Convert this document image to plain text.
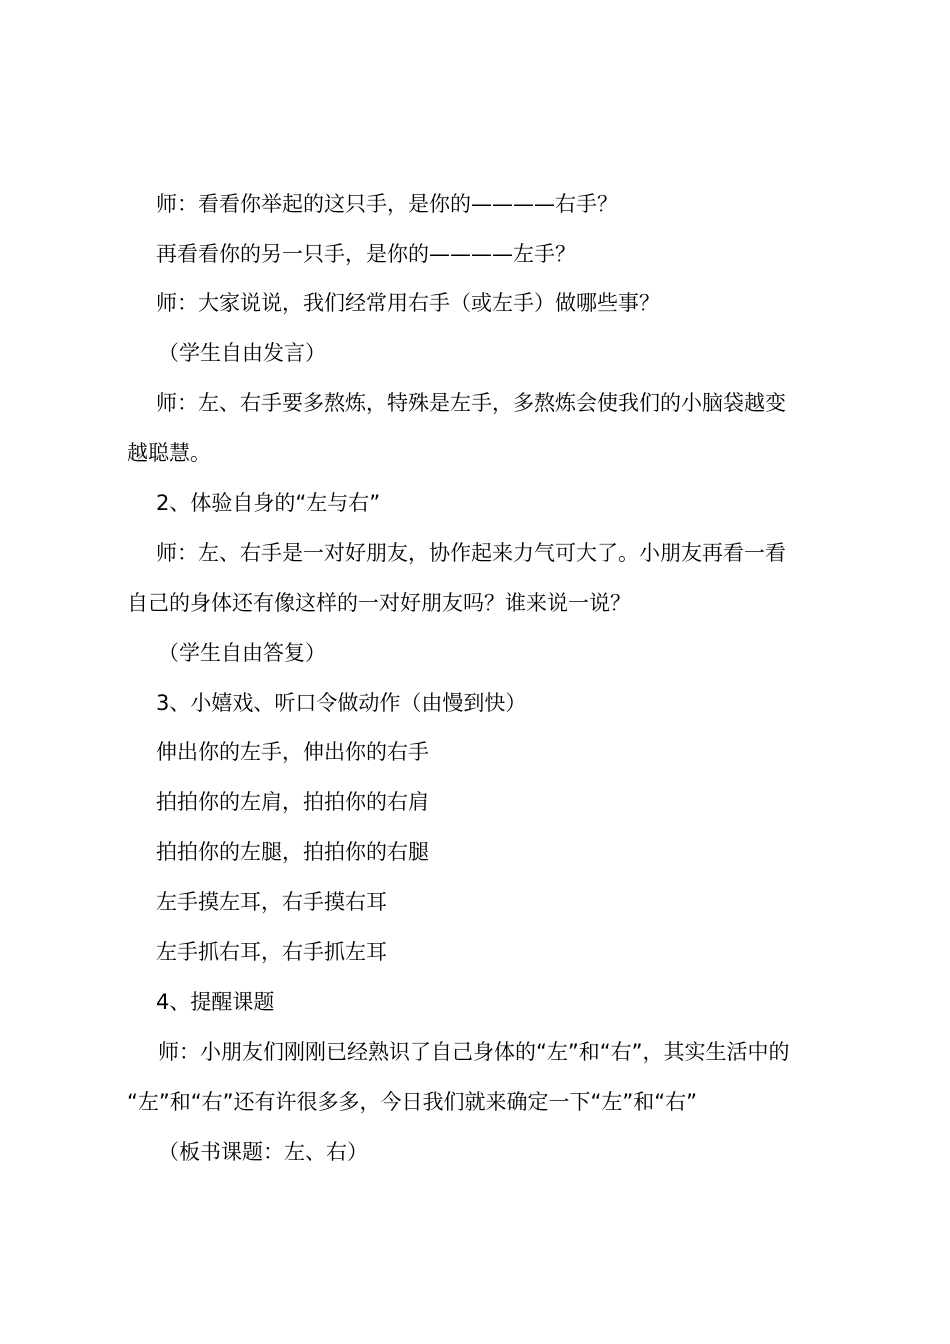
师：看看你举起的这只手，是你的————右手？
再看看你的另一只手，是你的————左手？
师：大家说说，我们经常用右手（或左手）做哪些事？
（学生自由发言）
师：左、右手要多熬炼，特殊是左手，多熬炼会使我们的小脑袋越变
越聪慧。
2、体验自身的“左与右”
师：左、右手是一对好朋友，协作起来力气可大了。小朋友再看一看
自己的身体还有像这样的一对好朋友吗？谁来说一说？
（学生自由答复）
3、小嬉戏、听口令做动作（由慢到快）
伸出你的左手，伸出你的右手
拍拍你的左肩，拍拍你的右肩
拍拍你的左腿，拍拍你的右腿
左手摸左耳，右手摸右耳
左手抓右耳，右手抓左耳
4、提醒课题
师：小朋友们刚刚已经熟识了自己身体的“左”和“右”，其实生活中的
“左”和“右”还有许很多多，今日我们就来确定一下“左”和“右”
（板书课题：左、右）
